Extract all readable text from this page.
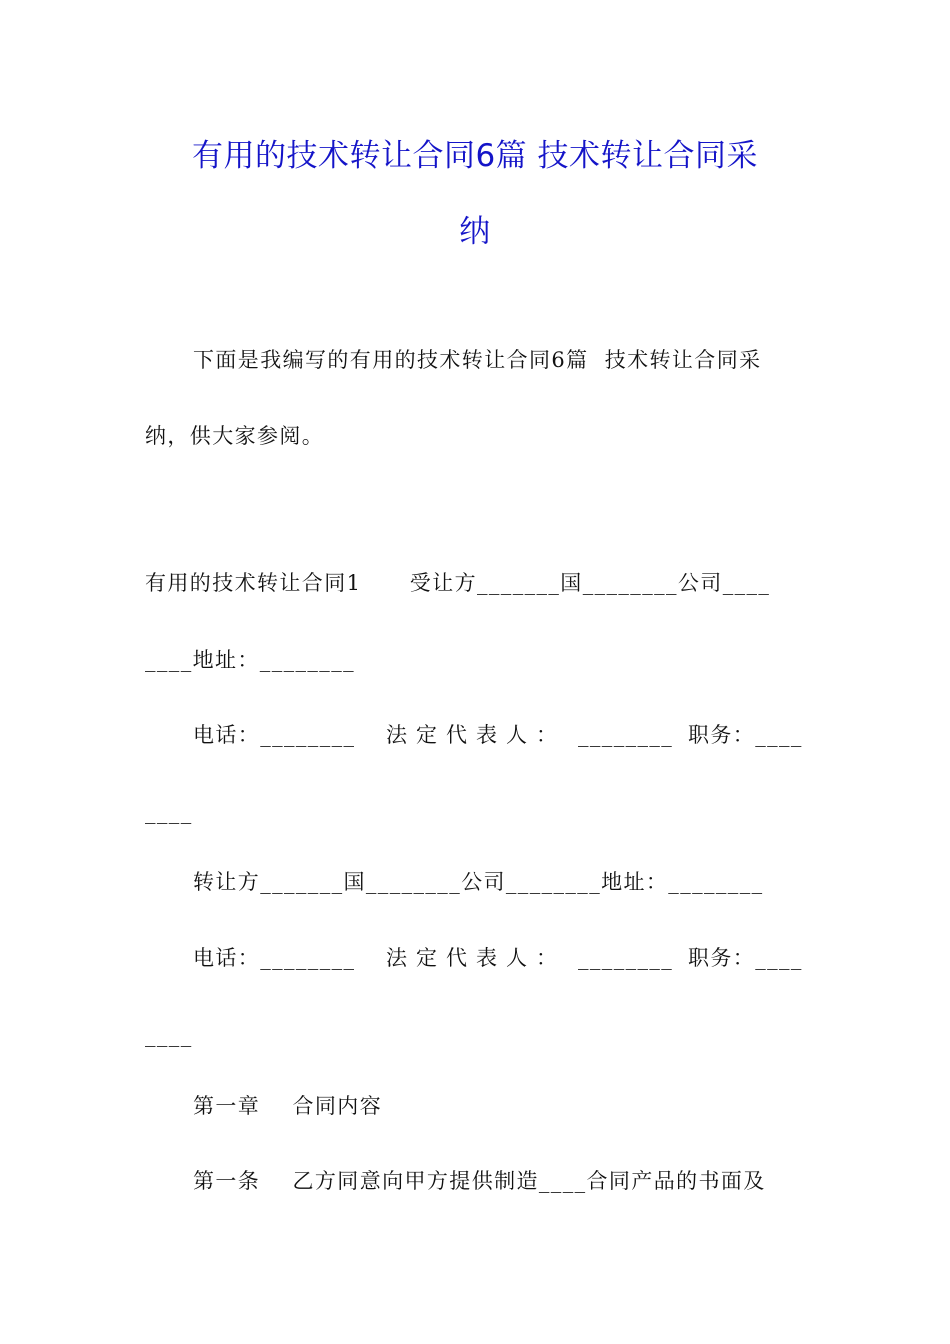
有用的技术转让合同6篇 技术转让合同采
纳
下面是我编写的有用的技术转让合同6篇  技术转让合同采
纳，供大家参阅。
有用的技术转让合同1      受让方_______国________公司____
____地址：________
电话：________ 法定代表人： ________ 职务：____
____
转让方_______国________公司________地址：________
电话：________ 法定代表人： ________ 职务：____
____
第一章    合同内容
第一条    乙方同意向甲方提供制造____合同产品的书面及
